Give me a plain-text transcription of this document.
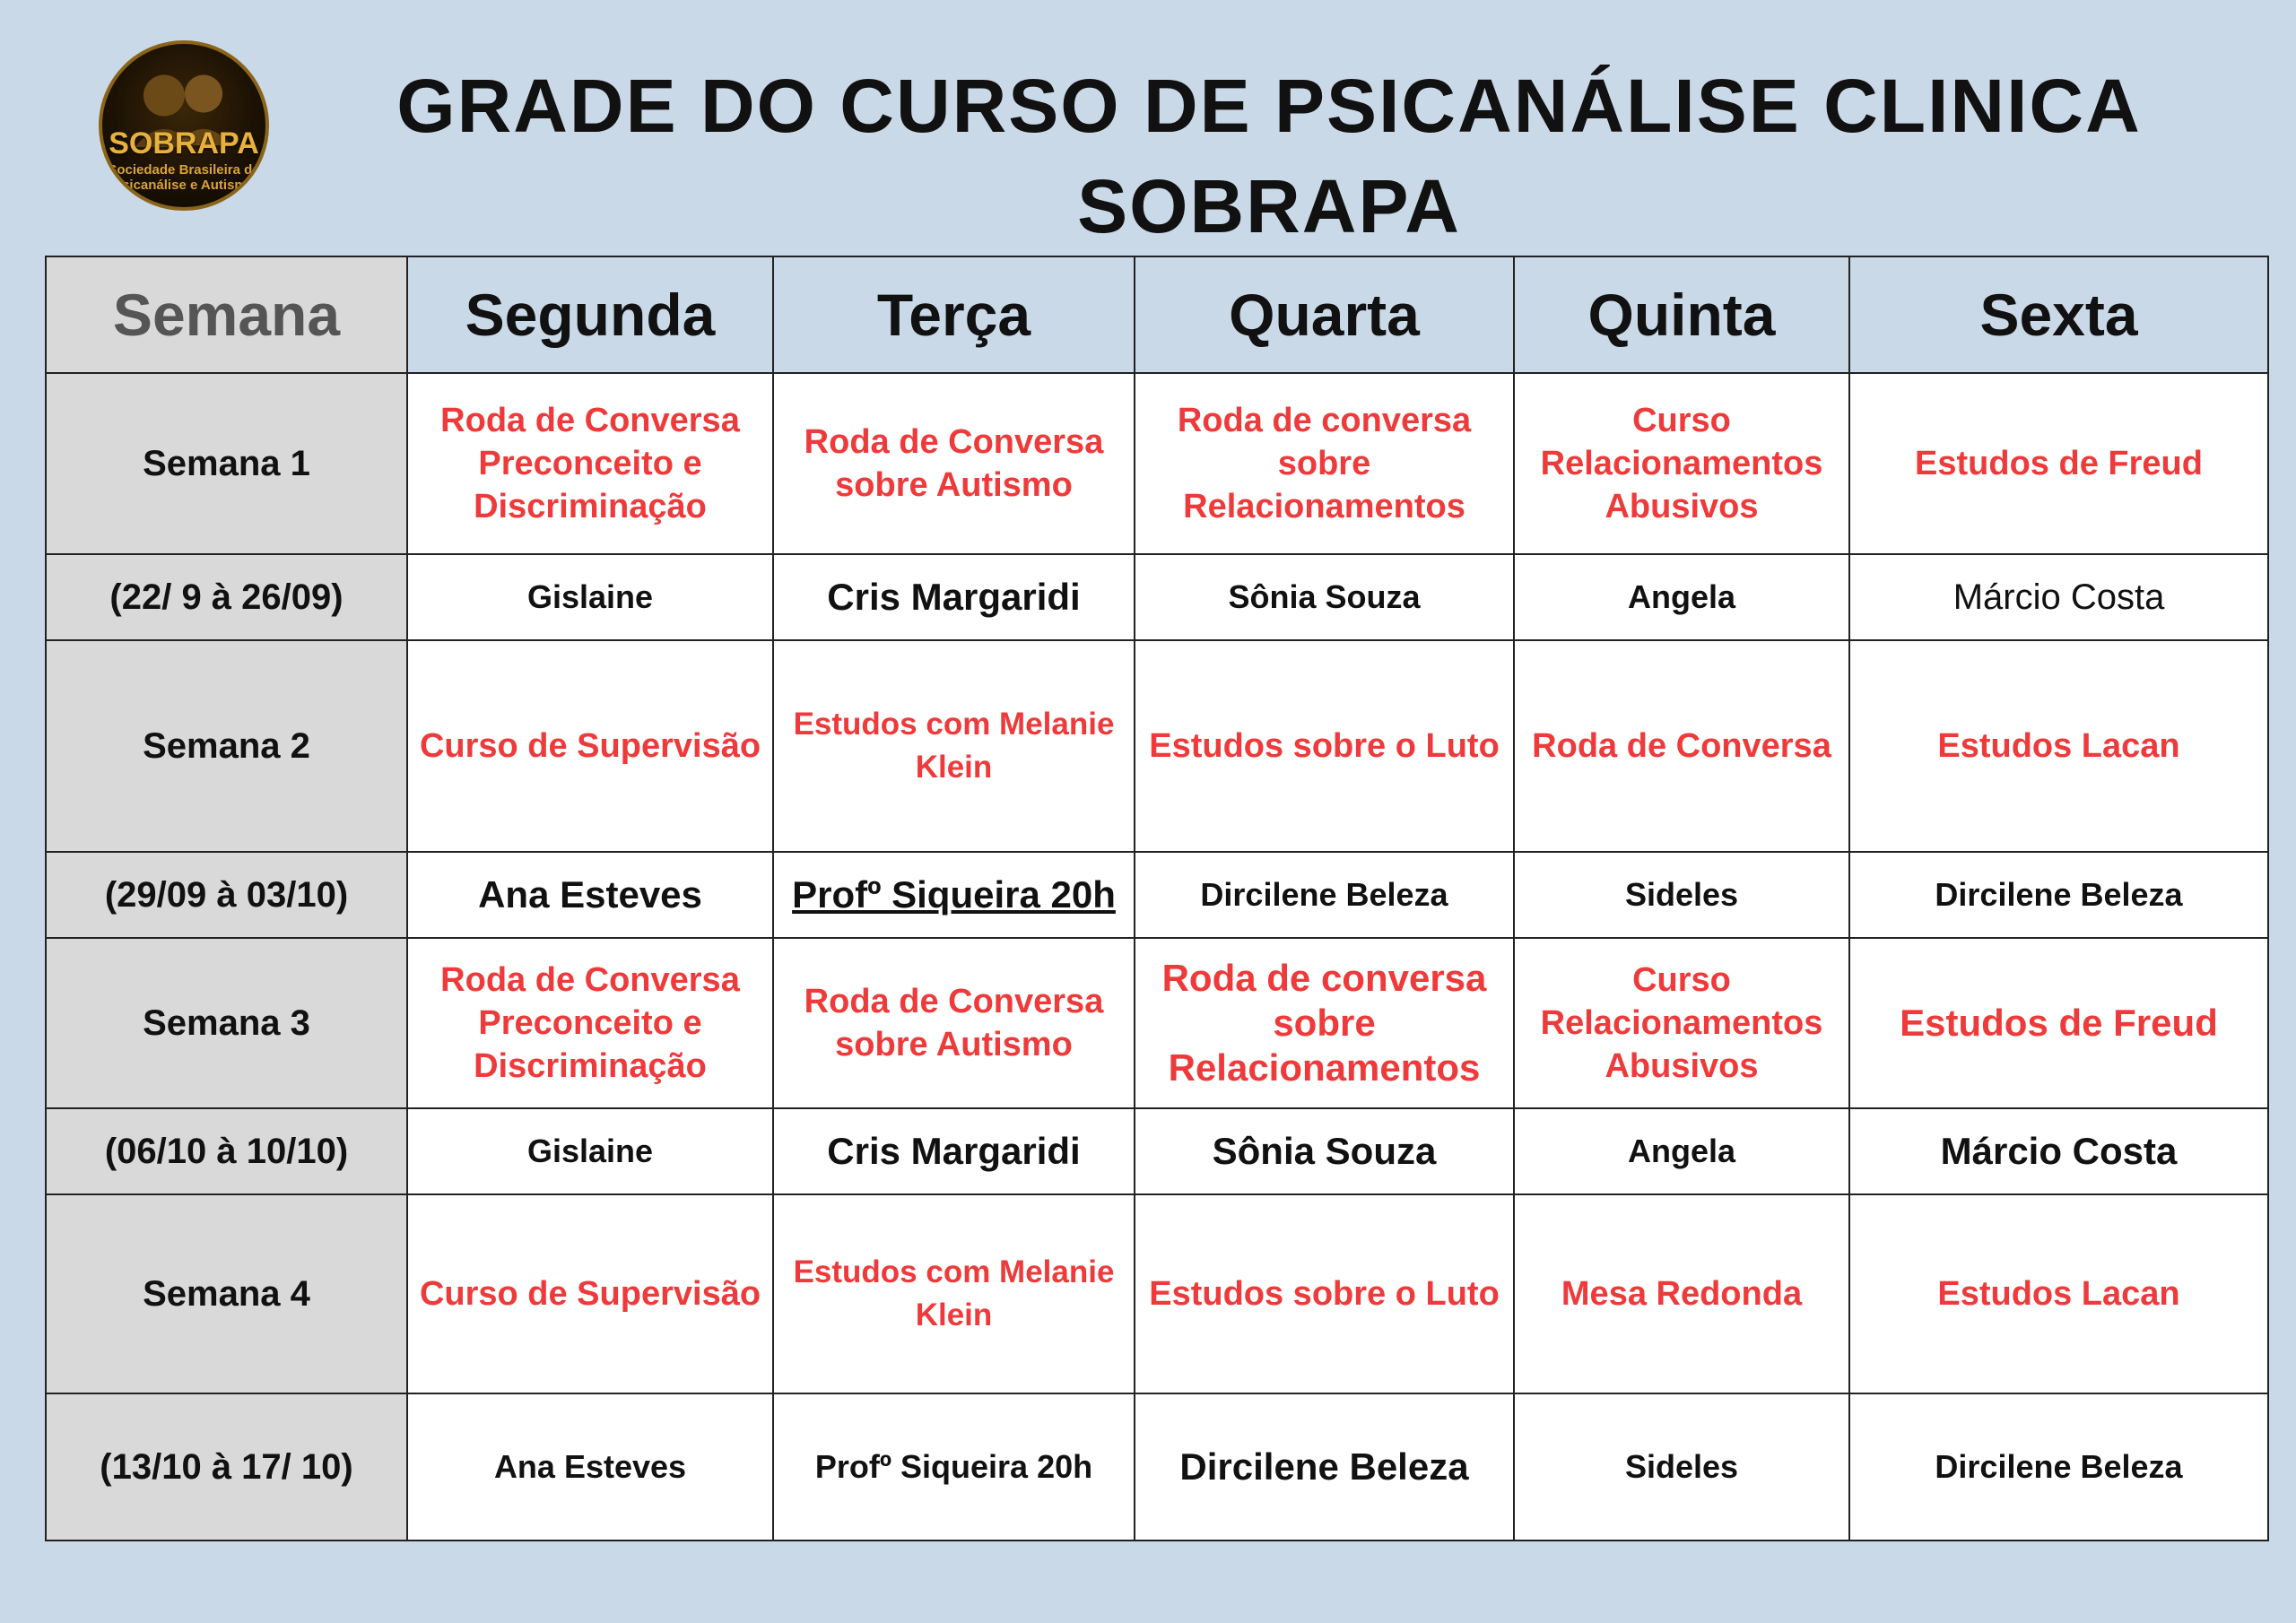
SOBRAPA
Sociedade Brasileira de Psicanálise e Autismo
GRADE DO CURSO DE PSICANÁLISE CLINICA
SOBRAPA
Semana	Segunda	Terça	Quarta	Quinta	Sexta
Semana 1	Roda de Conversa Preconceito e Discriminação	Roda de Conversa sobre Autismo	Roda de conversa sobre Relacionamentos	Curso Relacionamentos Abusivos	Estudos de Freud
(22/ 9 à 26/09)	Gislaine	Cris Margaridi	Sônia Souza	Angela	Márcio Costa
Semana 2	Curso de Supervisão	Estudos com Melanie Klein	Estudos sobre o Luto	Roda de Conversa	Estudos Lacan
(29/09 à 03/10)	Ana Esteves	Profº Siqueira 20h	Dircilene Beleza	Sideles	Dircilene Beleza
Semana 3	Roda de Conversa Preconceito e Discriminação	Roda de Conversa sobre Autismo	Roda de conversa sobre Relacionamentos	Curso Relacionamentos Abusivos	Estudos de Freud
(06/10 à 10/10)	Gislaine	Cris Margaridi	Sônia Souza	Angela	Márcio Costa
Semana 4	Curso de Supervisão	Estudos com Melanie Klein	Estudos sobre o Luto	Mesa Redonda	Estudos Lacan
(13/10 à 17/ 10)	Ana Esteves	Profº Siqueira 20h	Dircilene Beleza	Sideles	Dircilene Beleza
